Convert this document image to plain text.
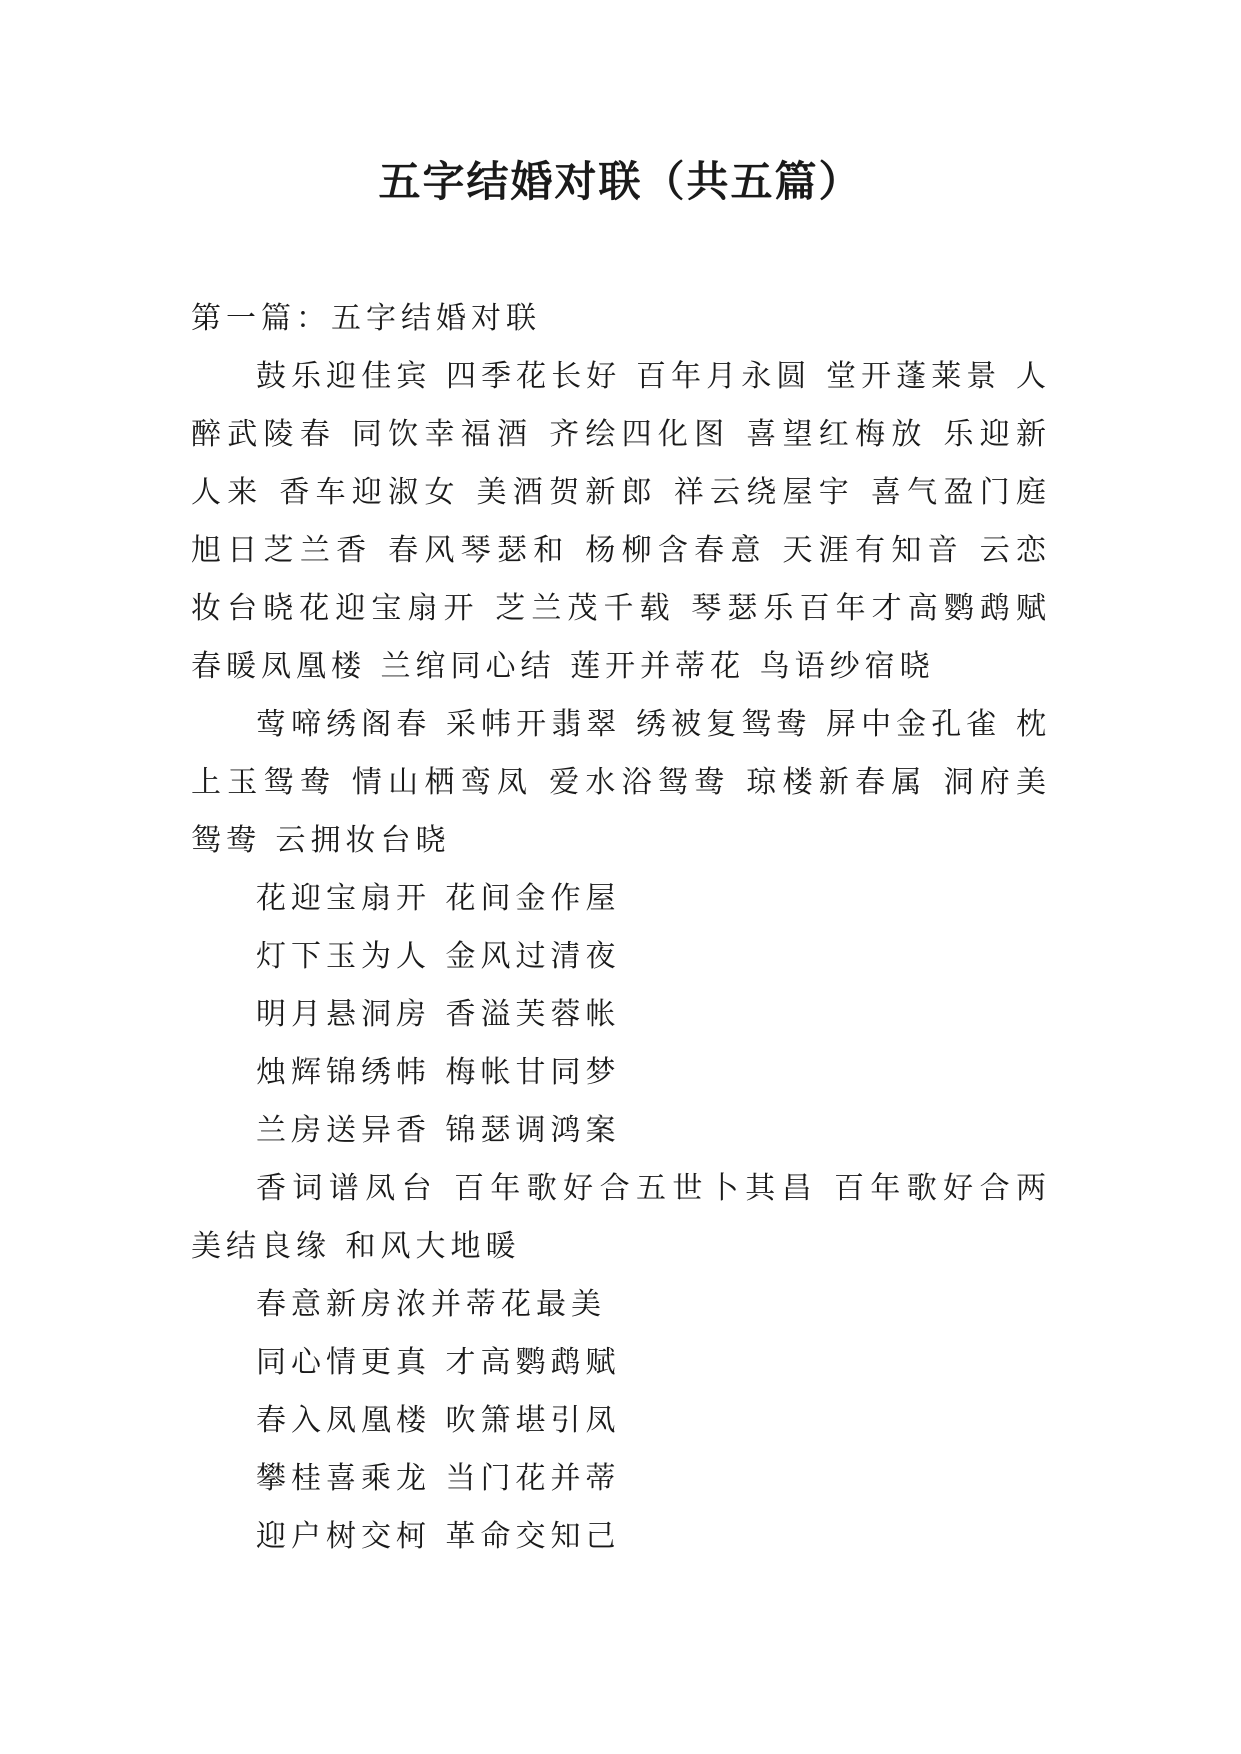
五字结婚对联（共五篇）

第一篇：五字结婚对联

鼓乐迎佳宾 四季花长好 百年月永圆 堂开蓬莱景 人醉武陵春 同饮幸福酒 齐绘四化图 喜望红梅放 乐迎新人来 香车迎淑女 美酒贺新郎 祥云绕屋宇 喜气盈门庭 旭日芝兰香 春风琴瑟和 杨柳含春意 天涯有知音 云恋妆台晓花迎宝扇开 芝兰茂千载 琴瑟乐百年才高鹦鹉赋 春暖凤凰楼 兰绾同心结 莲开并蒂花 鸟语纱宿晓

莺啼绣阁春 采帏开翡翠 绣被复鸳鸯 屏中金孔雀 枕上玉鸳鸯 情山栖鸾凤 爱水浴鸳鸯 琼楼新春属 洞府美鸳鸯 云拥妆台晓

花迎宝扇开 花间金作屋

灯下玉为人 金风过清夜

明月悬洞房 香溢芙蓉帐

烛辉锦绣帏 梅帐甘同梦

兰房送异香 锦瑟调鸿案

香词谱凤台 百年歌好合五世卜其昌 百年歌好合两美结良缘 和风大地暖

春意新房浓并蒂花最美

同心情更真 才高鹦鹉赋

春入凤凰楼 吹箫堪引凤

攀桂喜乘龙 当门花并蒂

迎户树交柯 革命交知己
